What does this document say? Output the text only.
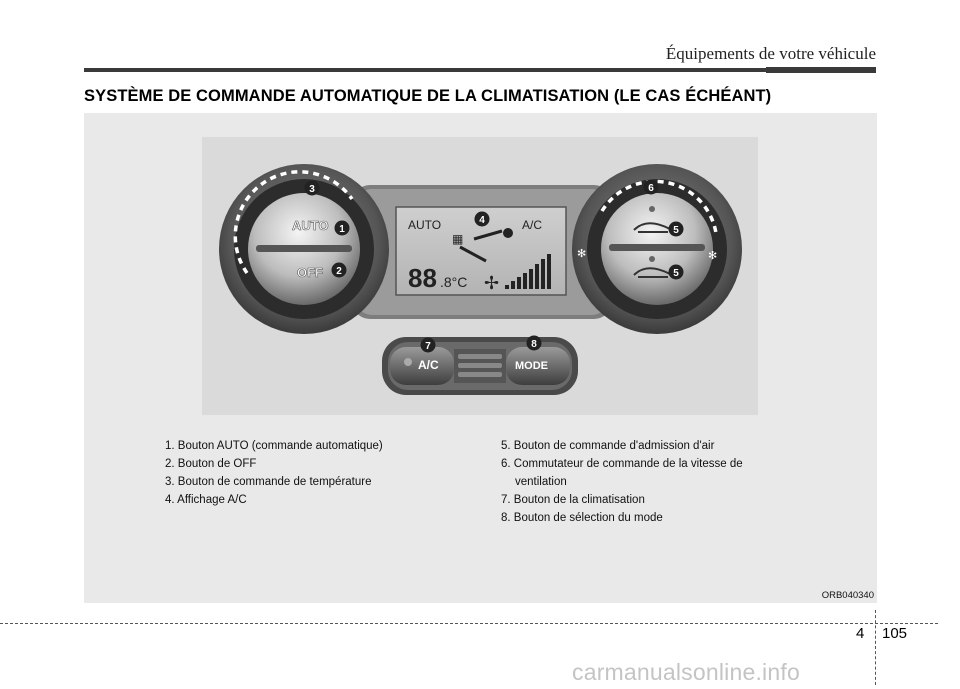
Équipements de votre véhicule
SYSTÈME DE COMMANDE AUTOMATIQUE DE LA CLIMATISATION (LE CAS ÉCHÉANT)
AUTO
OFF
✻	✻
AUTO	A/C
▦
88 .8°C ✢
A/C	MODE
1
2
3
4
5
5
6
7	8
1. Bouton AUTO (commande automatique)
2. Bouton de OFF
3. Bouton de commande de température
4. Affichage A/C
5. Bouton de commande d'admission d'air
6. Commutateur de commande de la vitesse de
ventilation
7. Bouton de la climatisation
8. Bouton de sélection du mode
ORB040340
4 105
carmanualsonline.info
